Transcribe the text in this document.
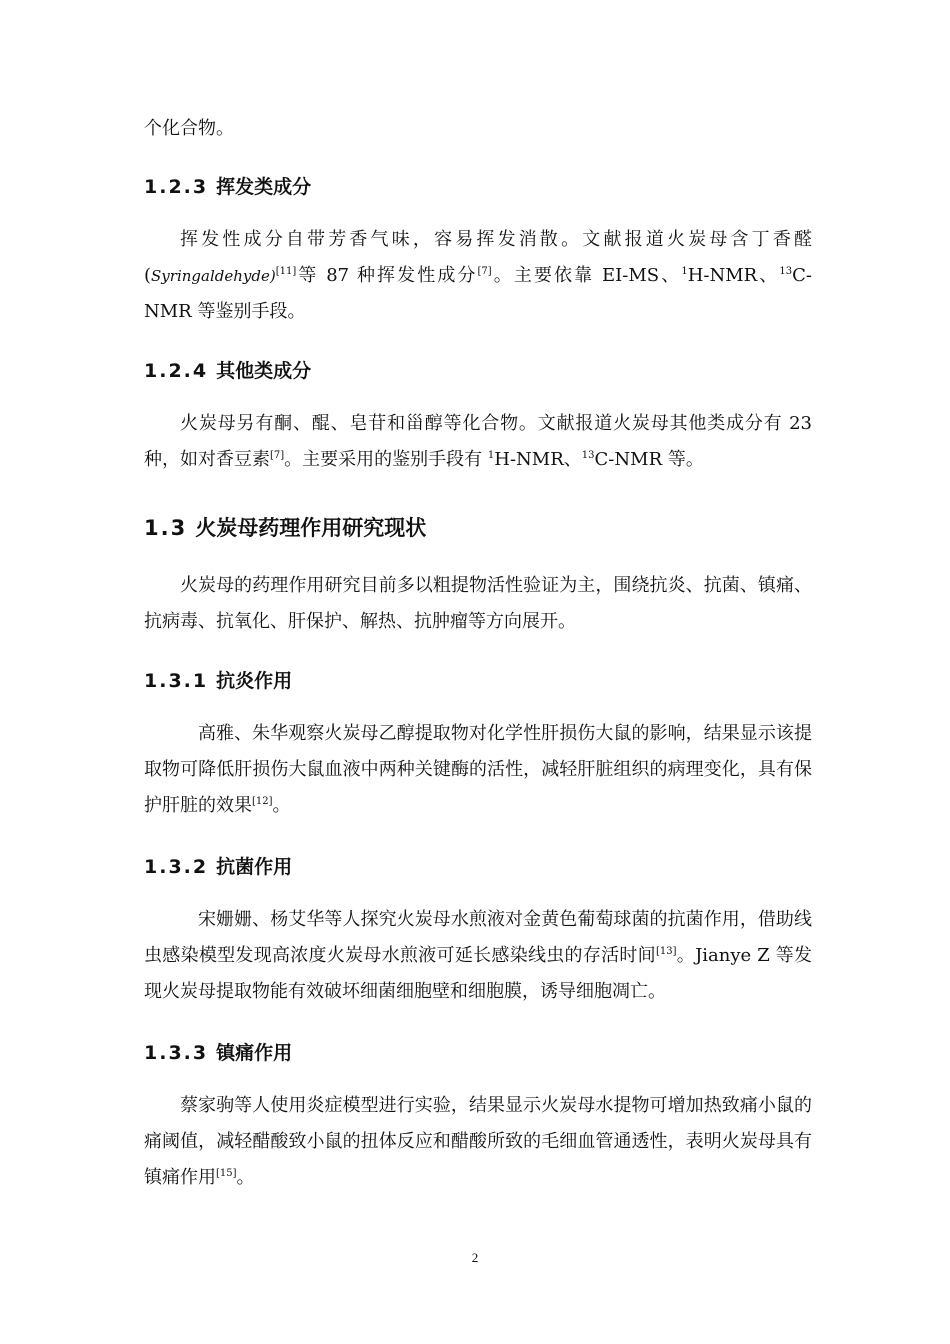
个化合物。

1.2.3 挥发类成分

挥发性成分自带芳香气味，容易挥发消散。文献报道火炭母含丁香醛(Syringaldehyde)[11]等 87 种挥发性成分[7]。主要依靠 EI-MS、$^1$H-NMR、$^{13}$C-NMR 等鉴别手段。

1.2.4 其他类成分

火炭母另有酮、醌、皂苷和甾醇等化合物。文献报道火炭母其他类成分有 23 种，如对香豆素[7]。主要采用的鉴别手段有 $^1$H-NMR、$^{13}$C-NMR 等。

1.3 火炭母药理作用研究现状

火炭母的药理作用研究目前多以粗提物活性验证为主，围绕抗炎、抗菌、镇痛、抗病毒、抗氧化、肝保护、解热、抗肿瘤等方向展开。

1.3.1 抗炎作用

高雅、朱华观察火炭母乙醇提取物对化学性肝损伤大鼠的影响，结果显示该提取物可降低肝损伤大鼠血液中两种关键酶的活性，减轻肝脏组织的病理变化，具有保护肝脏的效果[12]。

1.3.2 抗菌作用

宋姗姗、杨艾华等人探究火炭母水煎液对金黄色葡萄球菌的抗菌作用，借助线虫感染模型发现高浓度火炭母水煎液可延长感染线虫的存活时间[13]。Jianye Z 等发现火炭母提取物能有效破坏细菌细胞壁和细胞膜，诱导细胞凋亡。

1.3.3 镇痛作用

蔡家驹等人使用炎症模型进行实验，结果显示火炭母水提物可增加热致痛小鼠的痛阈值，减轻醋酸致小鼠的扭体反应和醋酸所致的毛细血管通透性，表明火炭母具有镇痛作用[15]。

2
